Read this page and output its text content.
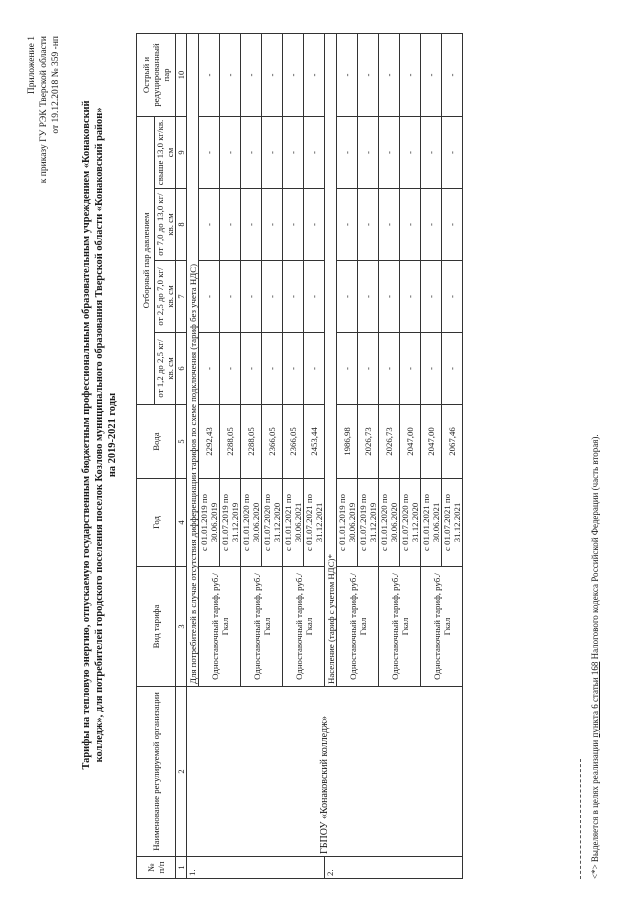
Приложение 1 к приказу ГУ РЭК Тверской области от 19.12.2018 № 359 -нп
Тарифы на тепловую энергию, отпускаемую государственным бюджетным профессиональным образовательным учреждением «Конаковский колледж», для потребителей городского поселения поселок Козлово муниципального образования Тверской области «Конаковский район» на 2019-2021 годы
№ п/п	Наименование регулируемой организации	Вид тарифа	Год	Вода	Отборный пар давлением				Острый и редуцированный пар
					от 1,2 до 2,5 кг/кв. см	от 2,5 до 7,0 кг/кв. см	от 7,0 до 13,0 кг/кв. см	свыше 13,0 кг/кв. см	
1	2	3	4	5	6	7	8	9	10
1.	ГБПОУ «Конаковский колледж»	Для потребителей в случае отсутствия дифференциации тарифов по схеме подключения (тариф без учета НДС)							
		Одноставочный тариф, руб./Гкал	с 01.01.2019 по 30.06.2019	2292,43	-	-	-	-	-
			с 01.07.2019 по 31.12.2019	2288,05	-	-	-	-	-
		Одноставочный тариф, руб./Гкал	с 01.01.2020 по 30.06.2020	2288,05	-	-	-	-	-
			с 01.07.2020 по 31.12.2020	2366,05	-	-	-	-	-
		Одноставочный тариф, руб./Гкал	с 01.01.2021 по 30.06.2021	2366,05	-	-	-	-	-
			с 01.07.2021 по 31.12.2021	2453,44	-	-	-	-	-
2.		Население (тариф с учетом НДС)*							
		Одноставочный тариф, руб./Гкал	с 01.01.2019 по 30.06.2019	1986,98	-	-	-	-	-
			с 01.07.2019 по 31.12.2019	2026,73	-	-	-	-	-
		Одноставочный тариф, руб./Гкал	с 01.01.2020 по 30.06.2020	2026,73	-	-	-	-	-
			с 01.07.2020 по 31.12.2020	2047,00	-	-	-	-	-
		Одноставочный тариф, руб./Гкал	с 01.01.2021 по 30.06.2021	2047,00	-	-	-	-	-
			с 01.07.2021 по 31.12.2021	2067,46	-	-	-	-	-
<*> Выделяется в целях реализации пункта 6 статьи 168 Налогового кодекса Российской Федерации (часть вторая).
